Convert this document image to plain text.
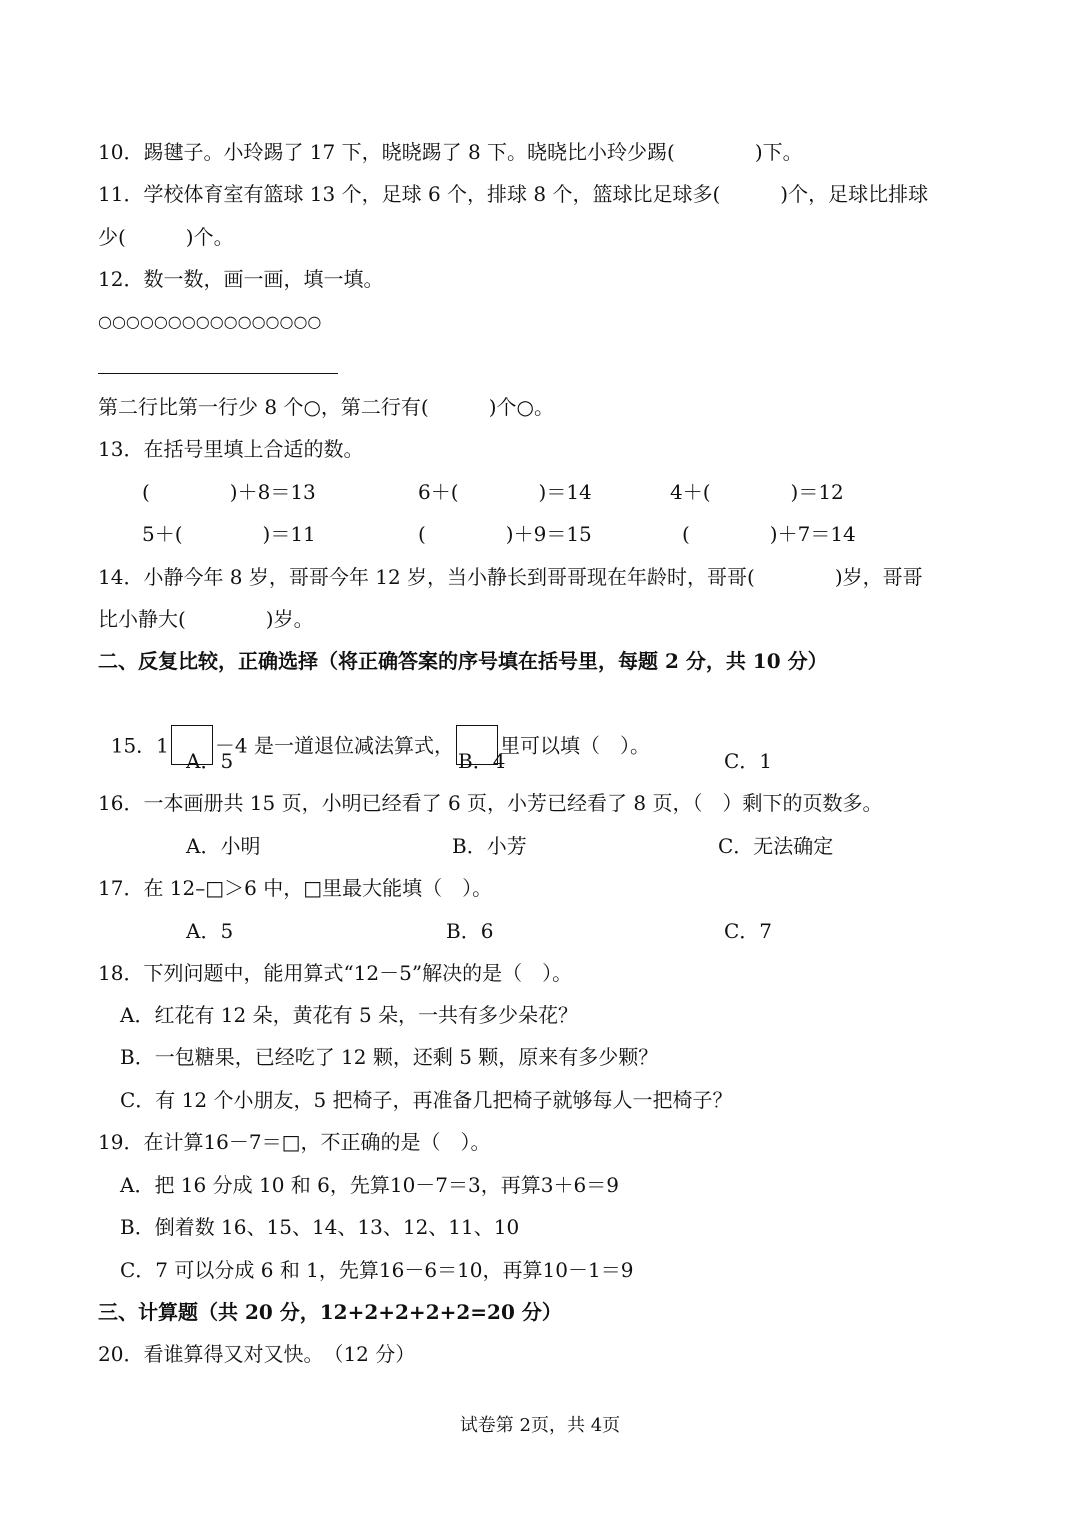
10．踢毽子。小玲踢了 17 下，晓晓踢了 8 下。晓晓比小玲少踢(　　　　)下。
11．学校体育室有篮球 13 个，足球 6 个，排球 8 个，篮球比足球多(　　　)个，足球比排球
少(　　　)个。
12．数一数，画一画，填一填。
○○○○○○○○○○○○○○○○
第二行比第一行少 8 个○，第二行有(　　　)个○。
13．在括号里填上合适的数。
(　　　　)＋8＝13	6＋(　　　　)＝14	4＋(　　　　)＝12
5＋(　　　　)＝11	(　　　　)＋9＝15	(　　　　)＋7＝14
14．小静今年 8 岁，哥哥今年 12 岁，当小静长到哥哥现在年龄时，哥哥(　　　　)岁，哥哥
比小静大(　　　　)岁。
二、反复比较，正确选择（将正确答案的序号填在括号里，每题 2 分，共 10 分）

15．1 －4 是一道退位减法算式， 里可以填（　）。

A．5	B．4	C．1
16．一本画册共 15 页，小明已经看了 6 页，小芳已经看了 8 页，（　）剩下的页数多。
A．小明	B．小芳	C．无法确定
17．在 12–□＞6 中，□里最大能填（　）。
A．5	B．6	C．7
18．下列问题中，能用算式“12－5”解决的是（　）。
A．红花有 12 朵，黄花有 5 朵，一共有多少朵花？
B．一包糖果，已经吃了 12 颗，还剩 5 颗，原来有多少颗？
C．有 12 个小朋友，5 把椅子，再准备几把椅子就够每人一把椅子？
19．在计算16－7＝□，不正确的是（　）。
A．把 16 分成 10 和 6，先算10－7＝3，再算3＋6＝9
B．倒着数 16、15、14、13、12、11、10
C．7 可以分成 6 和 1，先算16－6＝10，再算10－1＝9
三、计算题（共 20 分，12+2+2+2+2=20 分）
20．看谁算得又对又快。　（12 分）
试卷第 2页，共 4页
